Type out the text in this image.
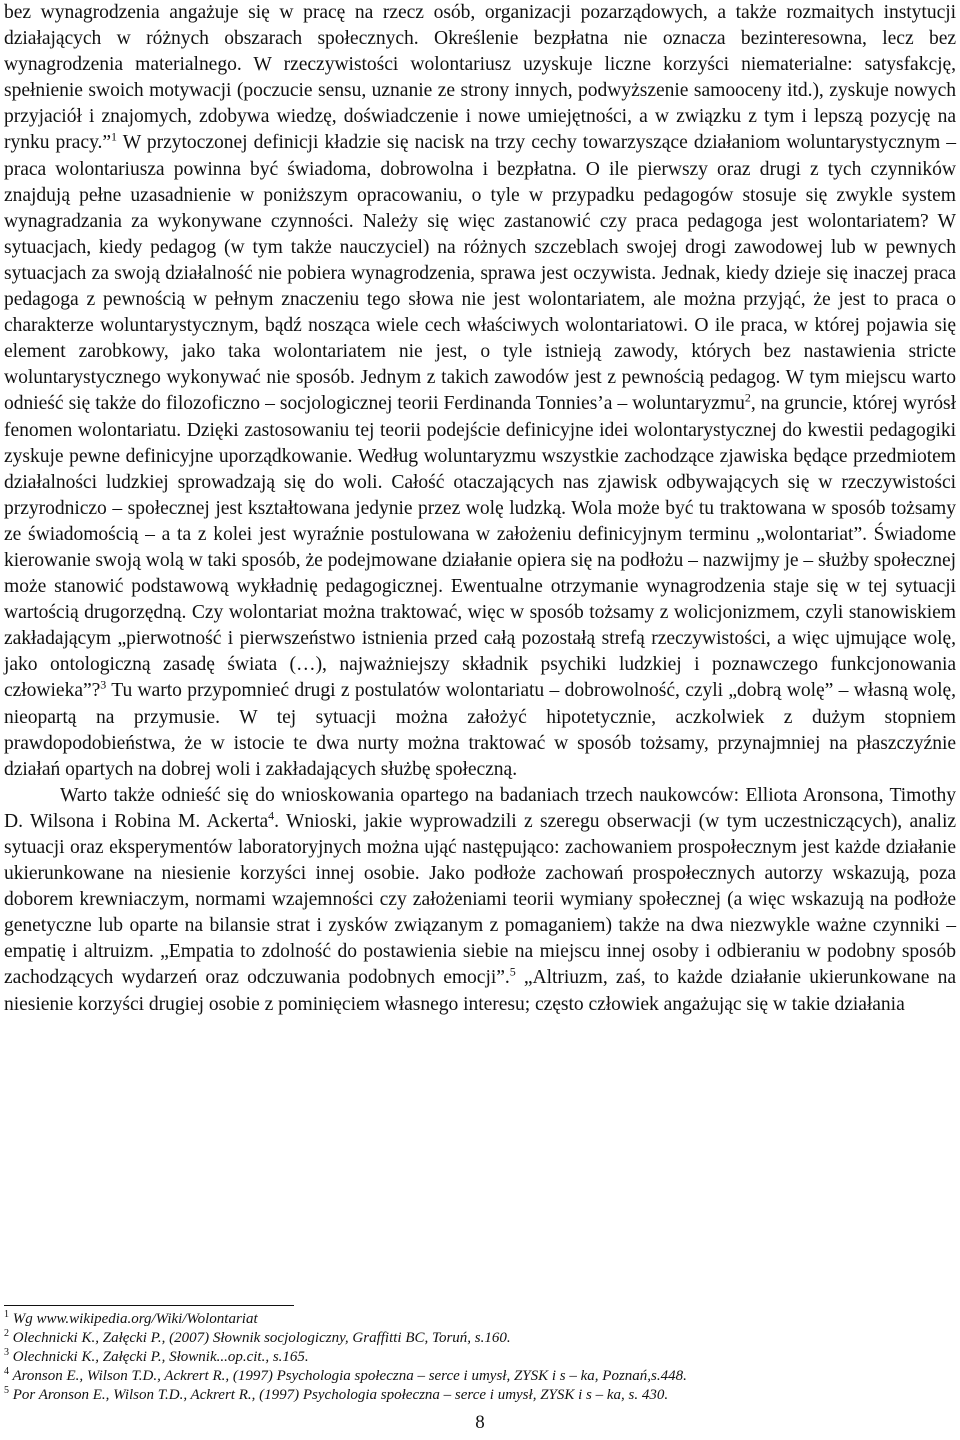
bez wynagrodzenia angażuje się w pracę na rzecz osób, organizacji pozarządowych, a także rozmaitych instytucji działających w różnych obszarach społecznych. Określenie bezpłatna nie oznacza bezinteresowna, lecz bez wynagrodzenia materialnego. W rzeczywistości wolontariusz uzyskuje liczne korzyści niematerialne: satysfakcję, spełnienie swoich motywacji (poczucie sensu, uznanie ze strony innych, podwyższenie samooceny itd.), zyskuje nowych przyjaciół i znajomych, zdobywa wiedzę, doświadczenie i nowe umiejętności, a w związku z tym i lepszą pozycję na rynku pracy.”$^1$ W przytoczonej definicji kładzie się nacisk na trzy cechy towarzyszące działaniom woluntarystycznym – praca wolontariusza powinna być świadoma, dobrowolna i bezpłatna. O ile pierwszy oraz drugi z tych czynników znajdują pełne uzasadnienie w poniższym opracowaniu, o tyle w przypadku pedagogów stosuje się zwykle system wynagradzania za wykonywane czynności. Należy się więc zastanowić czy praca pedagoga jest wolontariatem? W sytuacjach, kiedy pedagog (w tym także nauczyciel) na różnych szczeblach swojej drogi zawodowej lub w pewnych sytuacjach za swoją działalność nie pobiera wynagrodzenia, sprawa jest oczywista. Jednak, kiedy dzieje się inaczej praca pedagoga z pewnością w pełnym znaczeniu tego słowa nie jest wolontariatem, ale można przyjąć, że jest to praca o charakterze woluntarystycznym, bądź nosząca wiele cech właściwych wolontariatowi. O ile praca, w której pojawia się element zarobkowy, jako taka wolontariatem nie jest, o tyle istnieją zawody, których bez nastawienia stricte woluntarystycznego wykonywać nie sposób. Jednym z takich zawodów jest z pewnością pedagog. W tym miejscu warto odnieść się także do filozoficzno – socjologicznej teorii Ferdinanda Tonnies’a – woluntaryzmu$^2$, na gruncie, której wyrósł fenomen wolontariatu. Dzięki zastosowaniu tej teorii podejście definicyjne idei wolontarystycznej do kwestii pedagogiki zyskuje pewne definicyjne uporządkowanie. Według woluntaryzmu wszystkie zachodzące zjawiska będące przedmiotem działalności ludzkiej sprowadzają się do woli. Całość otaczających nas zjawisk odbywających się w rzeczywistości przyrodniczo – społecznej jest kształtowana jedynie przez wolę ludzką. Wola może być tu traktowana w sposób tożsamy ze świadomością – a ta z kolei jest wyraźnie postulowana w założeniu definicyjnym terminu „wolontariat”. Świadome kierowanie swoją wolą w taki sposób, że podejmowane działanie opiera się na podłożu – nazwijmy je – służby społecznej może stanowić podstawową wykładnię pedagogicznej. Ewentualne otrzymanie wynagrodzenia staje się w tej sytuacji wartością drugorzędną. Czy wolontariat można traktować, więc w sposób tożsamy z wolicjonizmem, czyli stanowiskiem zakładającym „pierwotność i pierwszeństwo istnienia przed całą pozostałą strefą rzeczywistości, a więc ujmujące wolę, jako ontologiczną zasadę świata (…), najważniejszy składnik psychiki ludzkiej i poznawczego funkcjonowania człowieka”?$^3$ Tu warto przypomnieć drugi z postulatów wolontariatu – dobrowolność, czyli „dobrą wolę” – własną wolę, nieopartą na przymusie. W tej sytuacji można założyć hipotetycznie, aczkolwiek z dużym stopniem prawdopodobieństwa, że w istocie te dwa nurty można traktować w sposób tożsamy, przynajmniej na płaszczyźnie działań opartych na dobrej woli i zakładających służbę społeczną.

Warto także odnieść się do wnioskowania opartego na badaniach trzech naukowców: Elliota Aronsona, Timothy D. Wilsona i Robina M. Ackerta$^4$. Wnioski, jakie wyprowadzili z szeregu obserwacji (w tym uczestniczących), analiz sytuacji oraz eksperymentów laboratoryjnych można ująć następująco: zachowaniem prospołecznym jest każde działanie ukierunkowane na niesienie korzyści innej osobie. Jako podłoże zachowań prospołecznych autorzy wskazują, poza doborem krewniaczym, normami wzajemności czy założeniami teorii wymiany społecznej (a więc wskazują na podłoże genetyczne lub oparte na bilansie strat i zysków związanym z pomaganiem) także na dwa niezwykle ważne czynniki – empatię i altruizm. „Empatia to zdolność do postawienia siebie na miejscu innej osoby i odbieraniu w podobny sposób zachodzących wydarzeń oraz odczuwania podobnych emocji”.$^5$ „Altriuzm, zaś, to każde działanie ukierunkowane na niesienie korzyści drugiej osobie z pominięciem własnego interesu; często człowiek angażując się w takie działania

$^1$ Wg www.wikipedia.org/Wiki/Wolontariat

$^2$ Olechnicki K., Załęcki P., (2007) Słownik socjologiczny, Graffitti BC, Toruń, s.160.

$^3$ Olechnicki K., Załęcki P., Słownik...op.cit., s.165.

$^4$ Aronson E., Wilson T.D., Ackrert R., (1997) Psychologia społeczna – serce i umysł, ZYSK i s – ka, Poznań,s.448.

$^5$ Por Aronson E., Wilson T.D., Ackrert R., (1997) Psychologia społeczna – serce i umysł, ZYSK i s – ka, s. 430.

8
